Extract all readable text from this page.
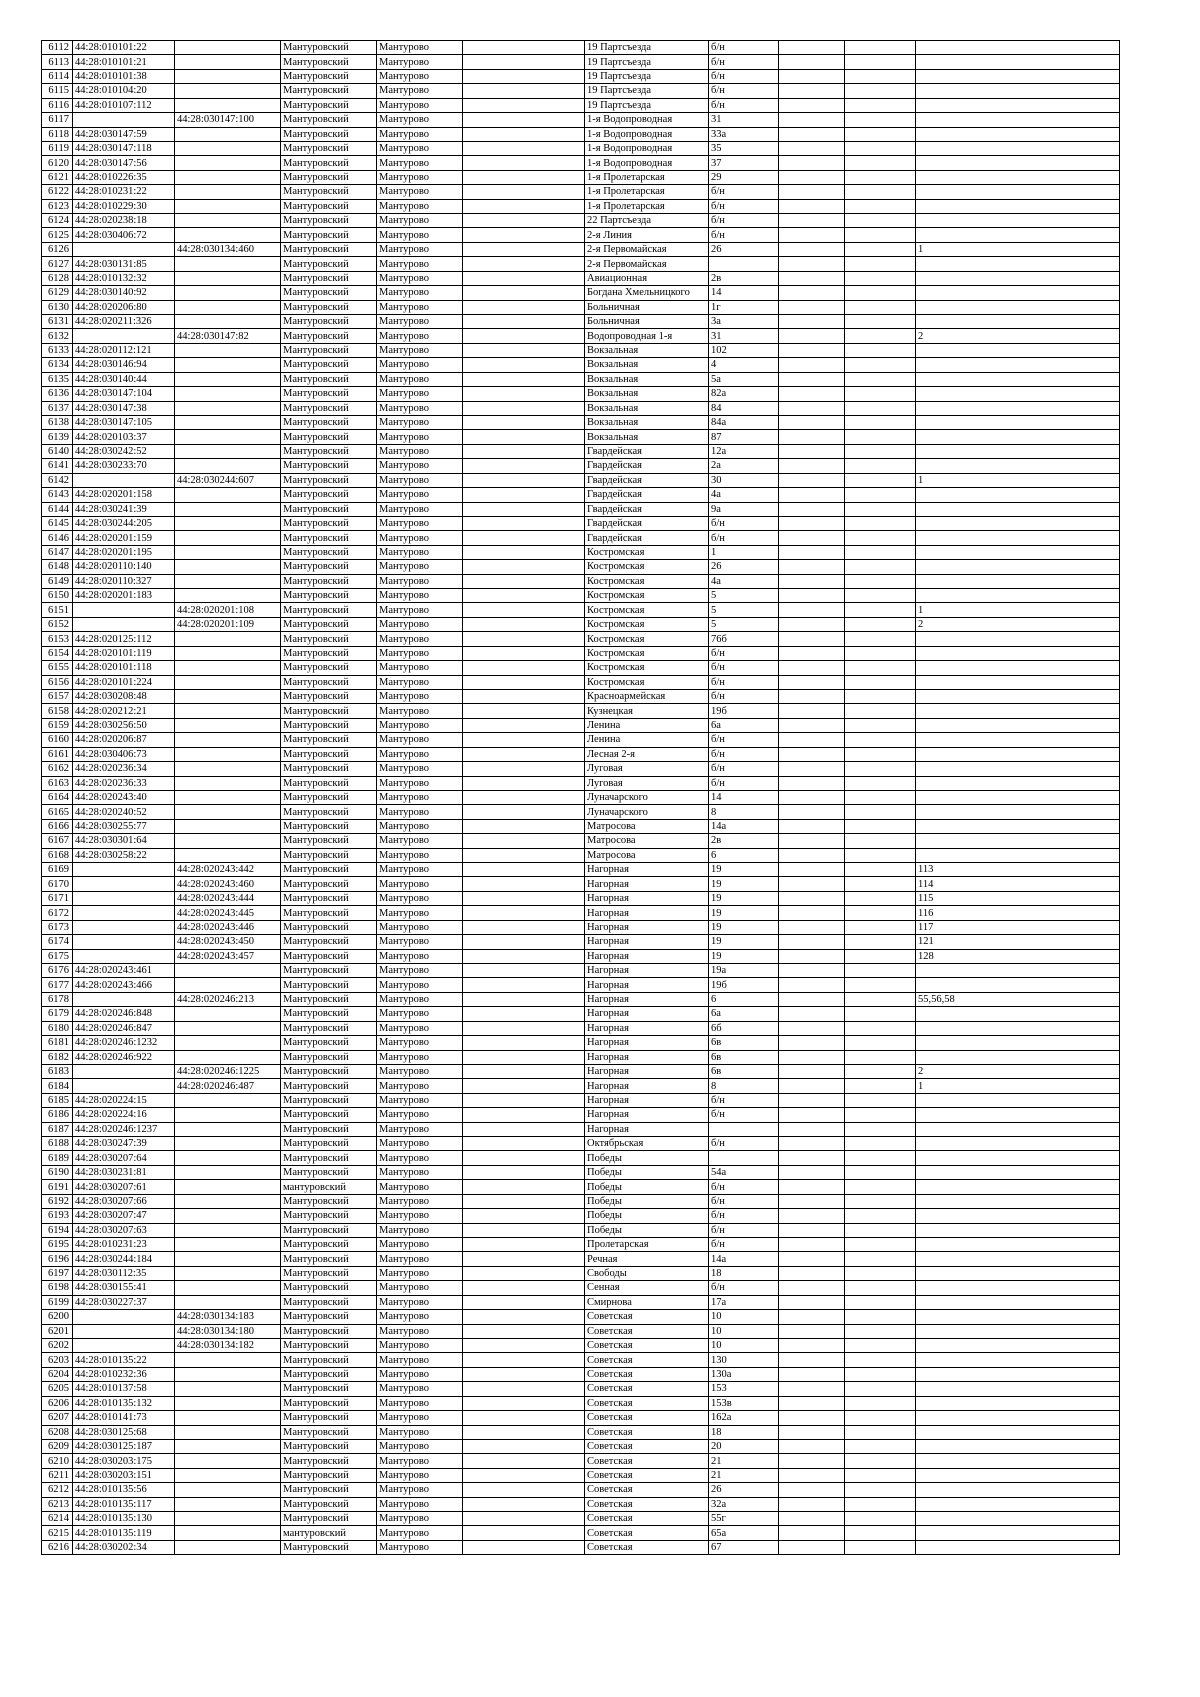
6112	44:28:010101:22		Мантуровский	Мантурово		19 Партсъезда	б/н			
6113	44:28:010101:21		Мантуровский	Мантурово		19 Партсъезда	б/н			
6114	44:28:010101:38		Мантуровский	Мантурово		19 Партсъезда	б/н			
6115	44:28:010104:20		Мантуровский	Мантурово		19 Партсъезда	б/н			
6116	44:28:010107:112		Мантуровский	Мантурово		19 Партсъезда	б/н			
6117		44:28:030147:100	Мантуровский	Мантурово		1-я Водопроводная	31			
6118	44:28:030147:59		Мантуровский	Мантурово		1-я Водопроводная	33а			
6119	44:28:030147:118		Мантуровский	Мантурово		1-я Водопроводная	35			
6120	44:28:030147:56		Мантуровский	Мантурово		1-я Водопроводная	37			
6121	44:28:010226:35		Мантуровский	Мантурово		1-я Пролетарская	29			
6122	44:28:010231:22		Мантуровский	Мантурово		1-я Пролетарская	б/н			
6123	44:28:010229:30		Мантуровский	Мантурово		1-я Пролетарская	б/н			
6124	44:28:020238:18		Мантуровский	Мантурово		22 Партсъезда	б/н			
6125	44:28:030406:72		Мантуровский	Мантурово		2-я Линия	б/н			
6126		44:28:030134:460	Мантуровский	Мантурово		2-я Первомайская	26			1
6127	44:28:030131:85		Мантуровский	Мантурово		2-я Первомайская				
6128	44:28:010132:32		Мантуровский	Мантурово		Авиационная	2в			
6129	44:28:030140:92		Мантуровский	Мантурово		Богдана Хмельницкого	14			
6130	44:28:020206:80		Мантуровский	Мантурово		Больничная	1г			
6131	44:28:020211:326		Мантуровский	Мантурово		Больничная	3а			
6132		44:28:030147:82	Мантуровский	Мантурово		Водопроводная 1-я	31			2
6133	44:28:020112:121		Мантуровский	Мантурово		Вокзальная	102			
6134	44:28:030146:94		Мантуровский	Мантурово		Вокзальная	4			
6135	44:28:030140:44		Мантуровский	Мантурово		Вокзальная	5а			
6136	44:28:030147:104		Мантуровский	Мантурово		Вокзальная	82а			
6137	44:28:030147:38		Мантуровский	Мантурово		Вокзальная	84			
6138	44:28:030147:105		Мантуровский	Мантурово		Вокзальная	84а			
6139	44:28:020103:37		Мантуровский	Мантурово		Вокзальная	87			
6140	44:28:030242:52		Мантуровский	Мантурово		Гвардейская	12а			
6141	44:28:030233:70		Мантуровский	Мантурово		Гвардейская	2а			
6142		44:28:030244:607	Мантуровский	Мантурово		Гвардейская	30			1
6143	44:28:020201:158		Мантуровский	Мантурово		Гвардейская	4а			
6144	44:28:030241:39		Мантуровский	Мантурово		Гвардейская	9а			
6145	44:28:030244:205		Мантуровский	Мантурово		Гвардейская	б/н			
6146	44:28:020201:159		Мантуровский	Мантурово		Гвардейская	б/н			
6147	44:28:020201:195		Мантуровский	Мантурово		Костромская	1			
6148	44:28:020110:140		Мантуровский	Мантурово		Костромская	26			
6149	44:28:020110:327		Мантуровский	Мантурово		Костромская	4а			
6150	44:28:020201:183		Мантуровский	Мантурово		Костромская	5			
6151		44:28:020201:108	Мантуровский	Мантурово		Костромская	5			1
6152		44:28:020201:109	Мантуровский	Мантурово		Костромская	5			2
6153	44:28:020125:112		Мантуровский	Мантурово		Костромская	76б			
6154	44:28:020101:119		Мантуровский	Мантурово		Костромская	б/н			
6155	44:28:020101:118		Мантуровский	Мантурово		Костромская	б/н			
6156	44:28:020101:224		Мантуровский	Мантурово		Костромская	б/н			
6157	44:28:030208:48		Мантуровский	Мантурово		Красноармейская	б/н			
6158	44:28:020212:21		Мантуровский	Мантурово		Кузнецкая	19б			
6159	44:28:030256:50		Мантуровский	Мантурово		Ленина	6а			
6160	44:28:020206:87		Мантуровский	Мантурово		Ленина	б/н			
6161	44:28:030406:73		Мантуровский	Мантурово		Лесная 2-я	б/н			
6162	44:28:020236:34		Мантуровский	Мантурово		Луговая	б/н			
6163	44:28:020236:33		Мантуровский	Мантурово		Луговая	б/н			
6164	44:28:020243:40		Мантуровский	Мантурово		Луначарского	14			
6165	44:28:020240:52		Мантуровский	Мантурово		Луначарского	8			
6166	44:28:030255:77		Мантуровский	Мантурово		Матросова	14а			
6167	44:28:030301:64		Мантуровский	Мантурово		Матросова	2в			
6168	44:28:030258:22		Мантуровский	Мантурово		Матросова	6			
6169		44:28:020243:442	Мантуровский	Мантурово		Нагорная	19			113
6170		44:28:020243:460	Мантуровский	Мантурово		Нагорная	19			114
6171		44:28:020243:444	Мантуровский	Мантурово		Нагорная	19			115
6172		44:28:020243:445	Мантуровский	Мантурово		Нагорная	19			116
6173		44:28:020243:446	Мантуровский	Мантурово		Нагорная	19			117
6174		44:28:020243:450	Мантуровский	Мантурово		Нагорная	19			121
6175		44:28:020243:457	Мантуровский	Мантурово		Нагорная	19			128
6176	44:28:020243:461		Мантуровский	Мантурово		Нагорная	19а			
6177	44:28:020243:466		Мантуровский	Мантурово		Нагорная	19б			
6178		44:28:020246:213	Мантуровский	Мантурово		Нагорная	6			55,56,58
6179	44:28:020246:848		Мантуровский	Мантурово		Нагорная	6а			
6180	44:28:020246:847		Мантуровский	Мантурово		Нагорная	6б			
6181	44:28:020246:1232		Мантуровский	Мантурово		Нагорная	6в			
6182	44:28:020246:922		Мантуровский	Мантурово		Нагорная	6в			
6183		44:28:020246:1225	Мантуровский	Мантурово		Нагорная	6в			2
6184		44:28:020246:487	Мантуровский	Мантурово		Нагорная	8			1
6185	44:28:020224:15		Мантуровский	Мантурово		Нагорная	б/н			
6186	44:28:020224:16		Мантуровский	Мантурово		Нагорная	б/н			
6187	44:28:020246:1237		Мантуровский	Мантурово		Нагорная				
6188	44:28:030247:39		Мантуровский	Мантурово		Октябрьская	б/н			
6189	44:28:030207:64		Мантуровский	Мантурово		Победы				
6190	44:28:030231:81		Мантуровский	Мантурово		Победы	54а			
6191	44:28:030207:61		мантуровский	Мантурово		Победы	б/н			
6192	44:28:030207:66		Мантуровский	Мантурово		Победы	б/н			
6193	44:28:030207:47		Мантуровский	Мантурово		Победы	б/н			
6194	44:28:030207:63		Мантуровский	Мантурово		Победы	б/н			
6195	44:28:010231:23		Мантуровский	Мантурово		Пролетарская	б/н			
6196	44:28:030244:184		Мантуровский	Мантурово		Речная	14а			
6197	44:28:030112:35		Мантуровский	Мантурово		Свободы	18			
6198	44:28:030155:41		Мантуровский	Мантурово		Сенная	б/н			
6199	44:28:030227:37		Мантуровский	Мантурово		Смирнова	17а			
6200		44:28:030134:183	Мантуровский	Мантурово		Советская	10			
6201		44:28:030134:180	Мантуровский	Мантурово		Советская	10			
6202		44:28:030134:182	Мантуровский	Мантурово		Советская	10			
6203	44:28:010135:22		Мантуровский	Мантурово		Советская	130			
6204	44:28:010232:36		Мантуровский	Мантурово		Советская	130а			
6205	44:28:010137:58		Мантуровский	Мантурово		Советская	153			
6206	44:28:010135:132		Мантуровский	Мантурово		Советская	153в			
6207	44:28:010141:73		Мантуровский	Мантурово		Советская	162а			
6208	44:28:030125:68		Мантуровский	Мантурово		Советская	18			
6209	44:28:030125:187		Мантуровский	Мантурово		Советская	20			
6210	44:28:030203:175		Мантуровский	Мантурово		Советская	21			
6211	44:28:030203:151		Мантуровский	Мантурово		Советская	21			
6212	44:28:010135:56		Мантуровский	Мантурово		Советская	26			
6213	44:28:010135:117		Мантуровский	Мантурово		Советская	32а			
6214	44:28:010135:130		Мантуровский	Мантурово		Советская	55г			
6215	44:28:010135:119		мантуровский	Мантурово		Советская	65а			
6216	44:28:030202:34		Мантуровский	Мантурово		Советская	67			
